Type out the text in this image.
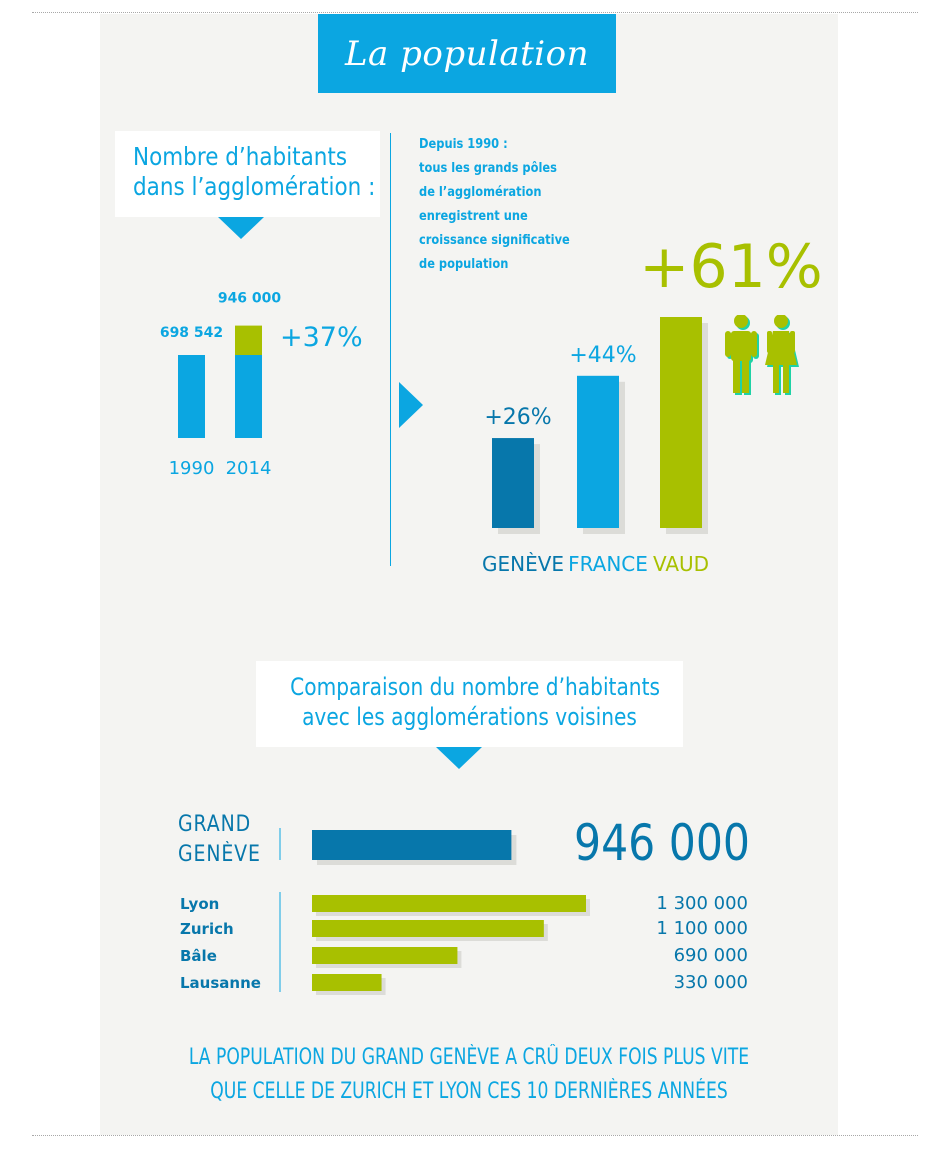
La population
Nombre d’habitants
dans l’agglomération :
698 542
946 000
1990 2014
+37%
Depuis 1990 :
tous les grands pôles
de l’agglomération
enregistrent une
croissance significative
de population
+26%
GENÈVE
+44%
FRANCE
+61%
VAUD
Comparaison du nombre d’habitants
avec les agglomérations voisines
GRAND
GENÈVE	946 000
Lyon	1 300 000
Zurich	1 100 000
Bâle	690 000
Lausanne	330 000
LA POPULATION DU GRAND GENÈVE A CRÛ DEUX FOIS PLUS VITE
QUE CELLE DE ZURICH ET LYON CES 10 DERNIÈRES ANNÉES
